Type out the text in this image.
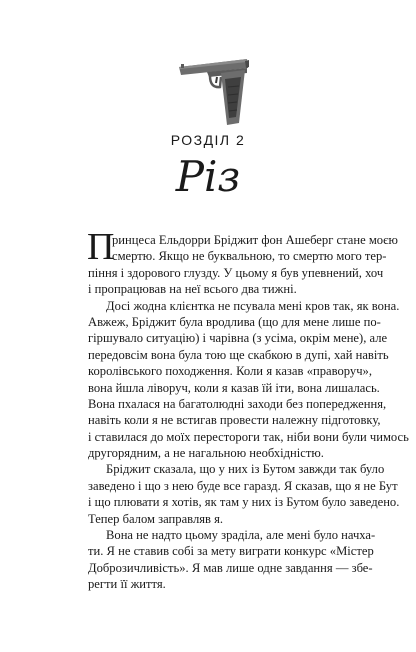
РОЗДІЛ 2
Різ
П
ринцеса Ельдорри Бріджит фон Ашеберг стане моєю
смертю. Якщо не буквальною, то смертю мого тер-
піння і здорового глузду. У цьому я був упевнений, хоч
і пропрацював на неї всього два тижні.
Досі жодна клієнтка не псувала мені кров так, як вона.
Авжеж, Бріджит була вродлива (що для мене лише по-
гіршувало ситуацію) і чарівна (з усіма, окрім мене), але
передовсім вона була тою ще скабкою в дупі, хай навіть
королівського походження. Коли я казав «праворуч»,
вона йшла ліворуч, коли я казав їй іти, вона лишалась.
Вона пхалася на багатолюдні заходи без попередження,
навіть коли я не встигав провести належну підготовку,
і ставилася до моїх перестороги так, ніби вони були чимось
другорядним, а не нагальною необхідністю.
Бріджит сказала, що у них із Бутом завжди так було
заведено і що з нею буде все гаразд. Я сказав, що я не Бут
і що плювати я хотів, як там у них із Бутом було заведено.
Тепер балом заправляв я.
Вона не надто цьому зраділа, але мені було начха-
ти. Я не ставив собі за мету виграти конкурс «Містер
Доброзичливість». Я мав лише одне завдання — збе-
регти її життя.
